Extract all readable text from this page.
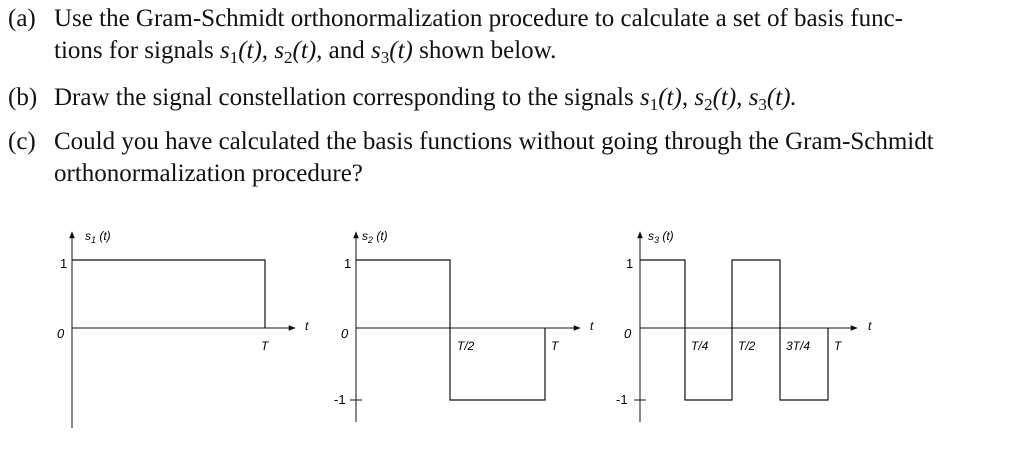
(a) Use the Gram-Schmidt orthonormalization procedure to calculate a set of basis func-
tions for signals $s_1(t)$, $s_2(t)$, and $s_3(t)$ shown below.
(b) Draw the signal constellation corresponding to the signals $s_1(t)$, $s_2(t)$, $s_3(t)$.
(c) Could you have calculated the basis functions without going through the Gram-Schmidt
orthonormalization procedure?
$s_1$ (t)
1
0	t
T
$s_2$ (t)
1
0
-1
t
T/2	T
$s_3$ (t)
1
0
-1
t
T/4 T/2	3T/4 T
